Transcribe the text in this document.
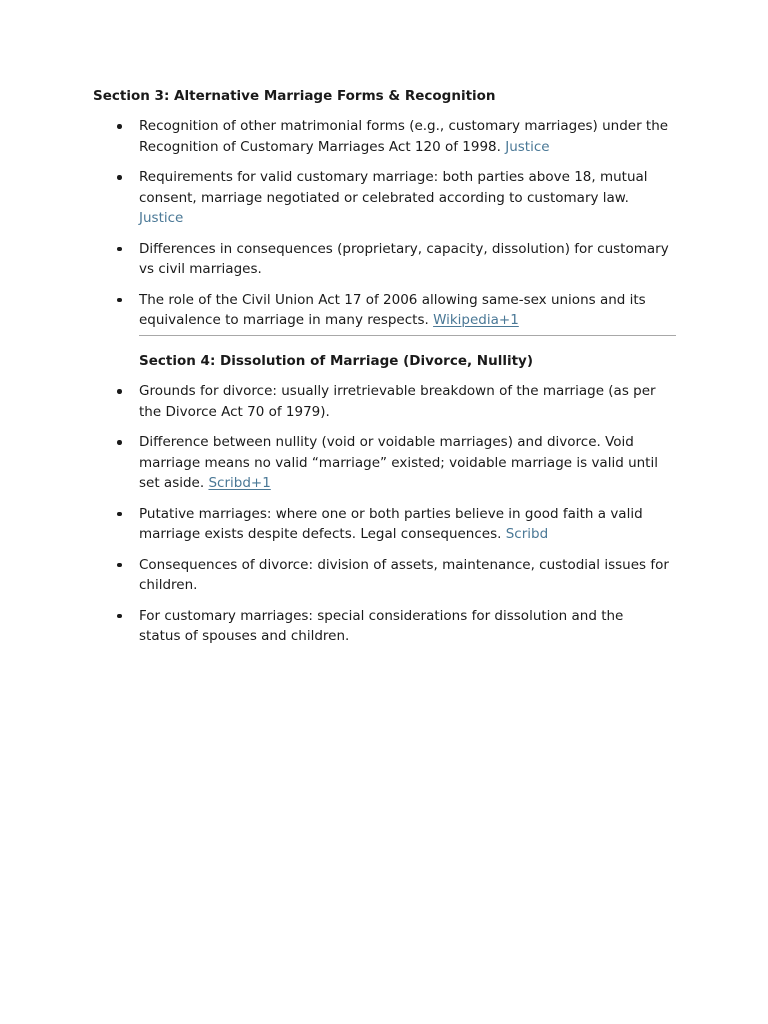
Section 3: Alternative Marriage Forms & Recognition
Recognition of other matrimonial forms (e.g., customary marriages) under the Recognition of Customary Marriages Act 120 of 1998. Justice
Requirements for valid customary marriage: both parties above 18, mutual consent, marriage negotiated or celebrated according to customary law. Justice
Differences in consequences (proprietary, capacity, dissolution) for customary vs civil marriages.
The role of the Civil Union Act 17 of 2006 allowing same-sex unions and its equivalence to marriage in many respects. Wikipedia+1
Section 4: Dissolution of Marriage (Divorce, Nullity)
Grounds for divorce: usually irretrievable breakdown of the marriage (as per the Divorce Act 70 of 1979).
Difference between nullity (void or voidable marriages) and divorce. Void marriage means no valid “marriage” existed; voidable marriage is valid until set aside. Scribd+1
Putative marriages: where one or both parties believe in good faith a valid marriage exists despite defects. Legal consequences. Scribd
Consequences of divorce: division of assets, maintenance, custodial issues for children.
For customary marriages: special considerations for dissolution and the status of spouses and children.
